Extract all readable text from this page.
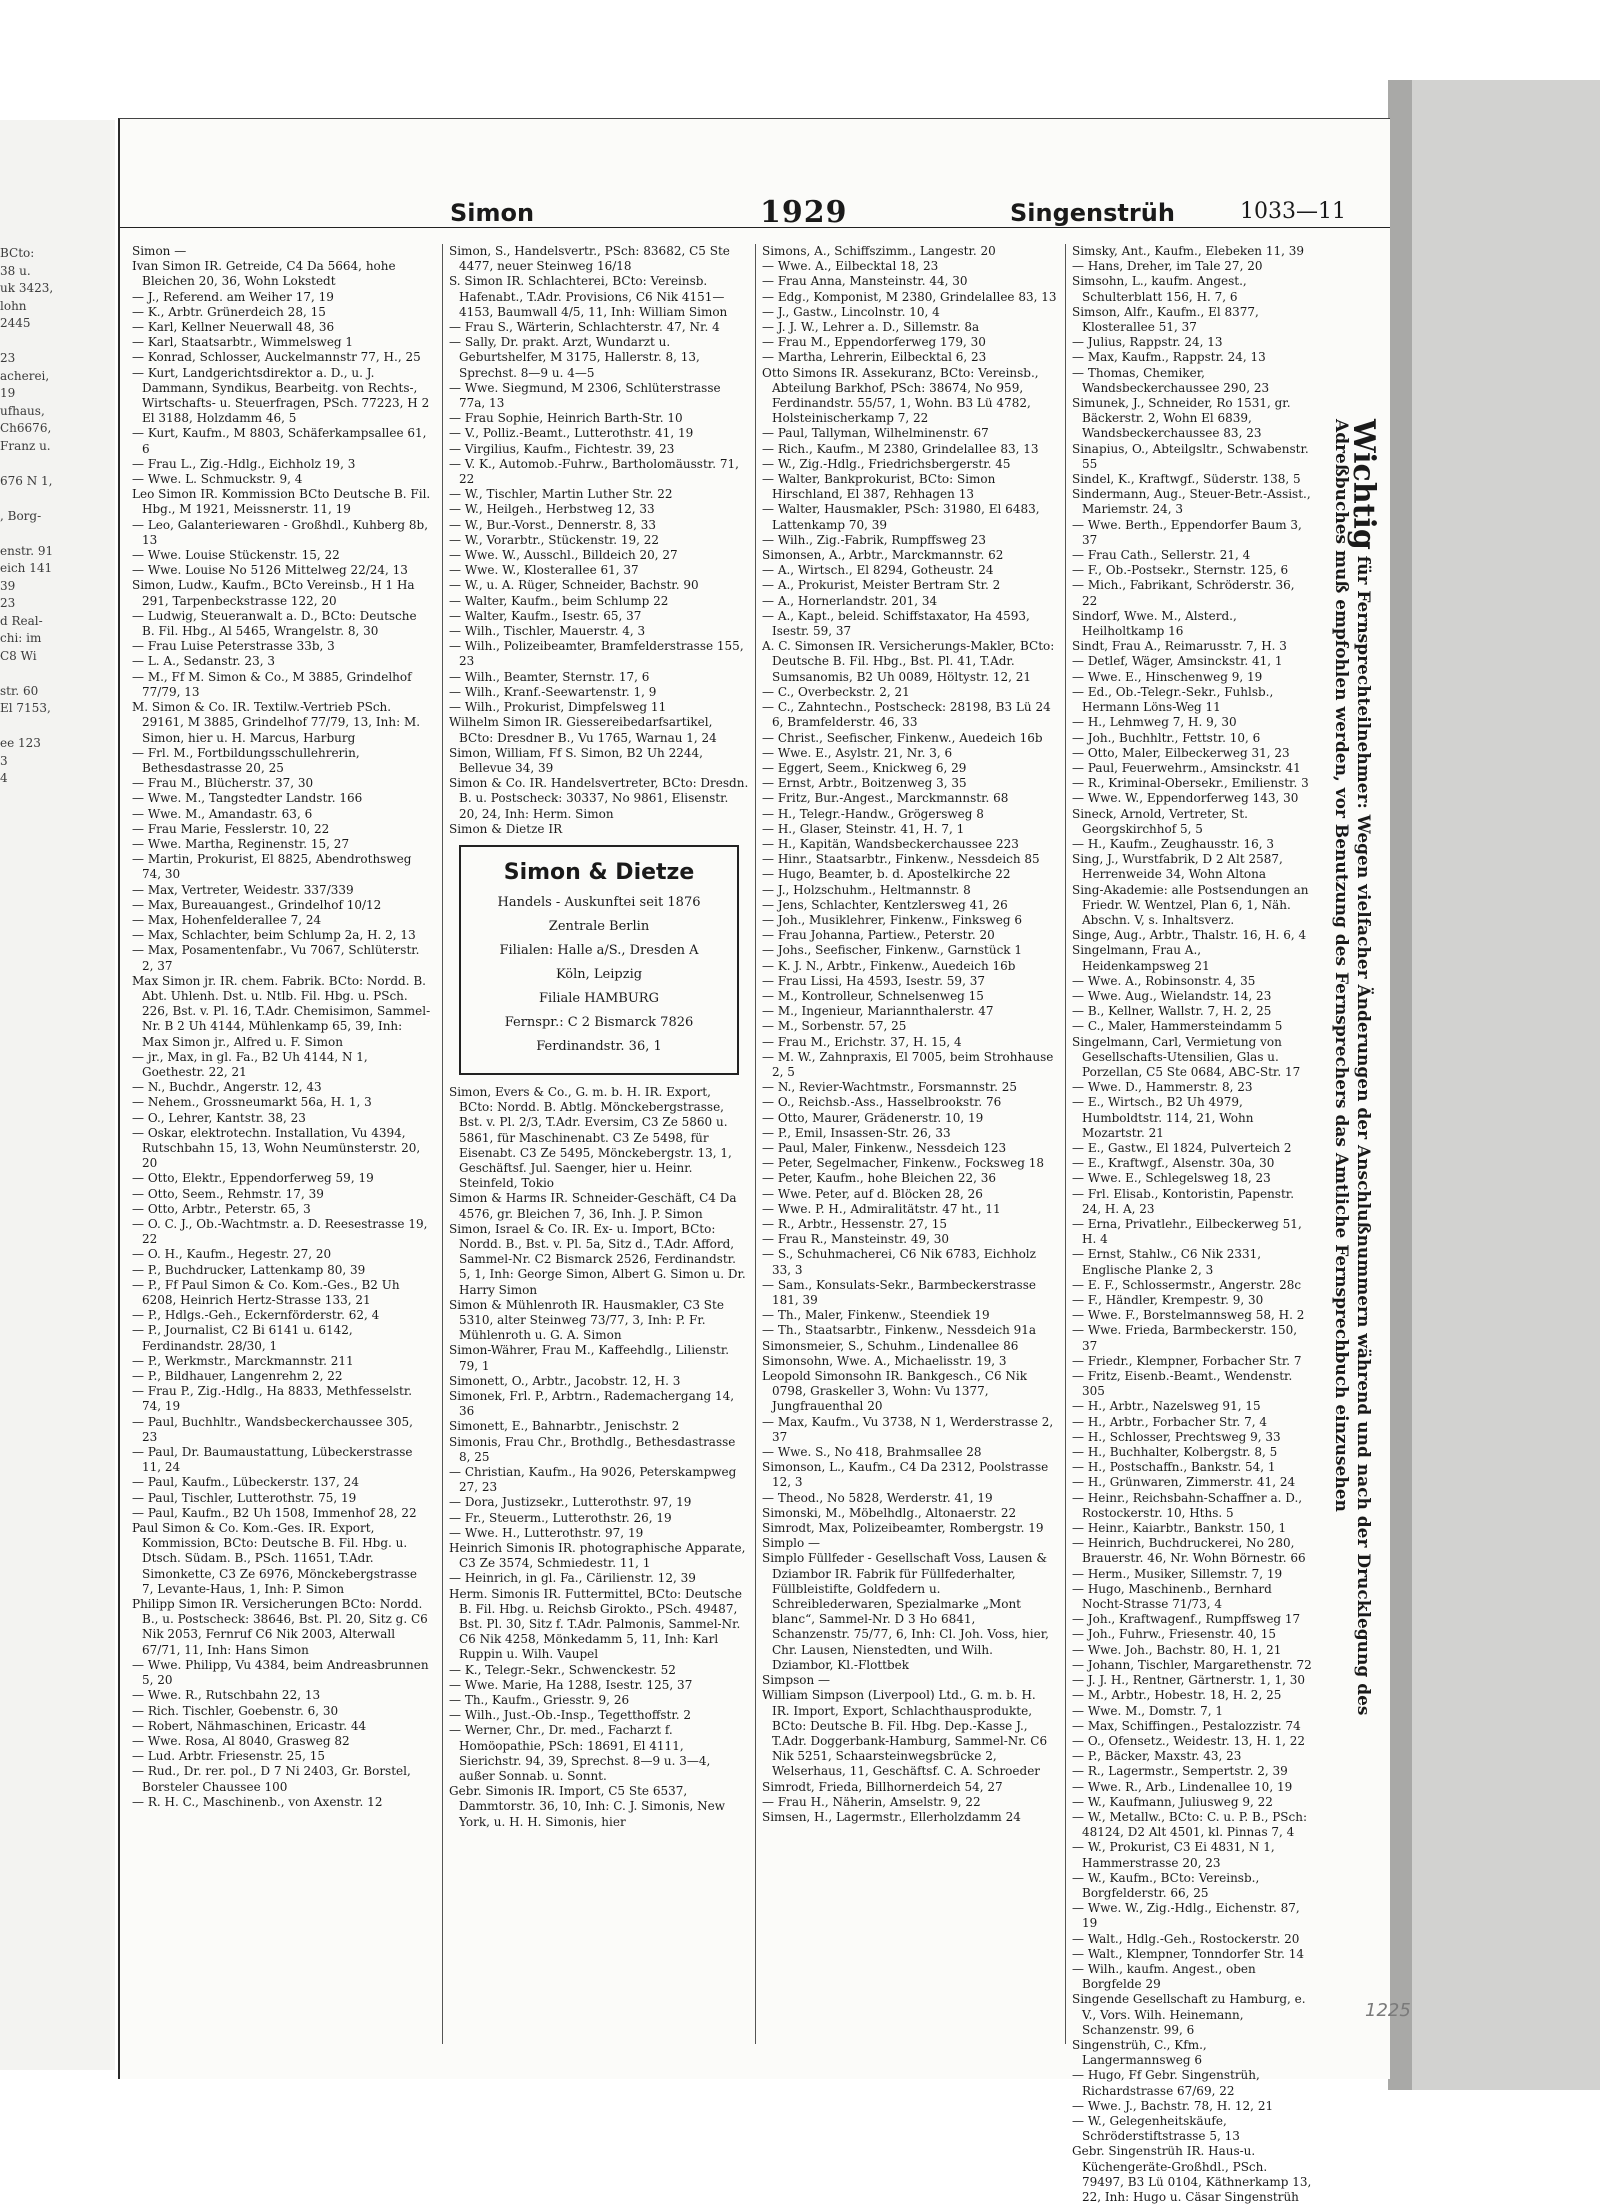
BCto:
38 u.
uk 3423,
lohn
2445
23
acherei,
19
ufhaus,
Ch6676,
Franz u.
676 N 1,
, Borg-
enstr. 91
eich 141
39
23
d Real-
chi: im
C8 Wi
str. 60
El 7153,
ee 123
3
4
Simon	1929	Singenstrüh	1033—11

Simon —

Ivan Simon IR. Getreide, C4 Da 5664, hohe Bleichen 20, 36, Wohn Lokstedt

— J., Referend. am Weiher 17, 19

— K., Arbtr. Grünerdeich 28, 15

— Karl, Kellner Neuerwall 48, 36

— Karl, Staatsarbtr., Wimmelsweg 1

— Konrad, Schlosser, Auckelmannstr 77, H., 25

— Kurt, Landgerichtsdirektor a. D., u. J. Dammann, Syndikus, Bearbeitg. von Rechts-, Wirtschafts- u. Steuerfragen, PSch. 77223, H 2 El 3188, Holzdamm 46, 5

— Kurt, Kaufm., M 8803, Schäferkampsallee 61, 6

— Frau L., Zig.-Hdlg., Eichholz 19, 3

— Wwe. L. Schmuckstr. 9, 4

Leo Simon IR. Kommission BCto Deutsche B. Fil. Hbg., M 1921, Meissnerstr. 11, 19

— Leo, Galanteriewaren - Großhdl., Kuhberg 8b, 13

— Wwe. Louise Stückenstr. 15, 22

— Wwe. Louise No 5126 Mittelweg 22/24, 13

Simon, Ludw., Kaufm., BCto Vereinsb., H 1 Ha 291, Tarpenbeckstrasse 122, 20

— Ludwig, Steueranwalt a. D., BCto: Deutsche B. Fil. Hbg., Al 5465, Wrangelstr. 8, 30

— Frau Luise Peterstrasse 33b, 3

— L. A., Sedanstr. 23, 3

— M., Ff M. Simon & Co., M 3885, Grindelhof 77/79, 13

M. Simon & Co. IR. Textilw.-Vertrieb PSch. 29161, M 3885, Grindelhof 77/79, 13, Inh: M. Simon, hier u. H. Marcus, Harburg

— Frl. M., Fortbildungsschullehrerin, Bethesdastrasse 20, 25

— Frau M., Blücherstr. 37, 30

— Wwe. M., Tangstedter Landstr. 166

— Wwe. M., Amandastr. 63, 6

— Frau Marie, Fesslerstr. 10, 22

— Wwe. Martha, Reginenstr. 15, 27

— Martin, Prokurist, El 8825, Abendrothsweg 74, 30

— Max, Vertreter, Weidestr. 337/339

— Max, Bureauangest., Grindelhof 10/12

— Max, Hohenfelderallee 7, 24

— Max, Schlachter, beim Schlump 2a, H. 2, 13

— Max, Posamentenfabr., Vu 7067, Schlüterstr. 2, 37

Max Simon jr. IR. chem. Fabrik. BCto: Nordd. B. Abt. Uhlenh. Dst. u. Ntlb. Fil. Hbg. u. PSch. 226, Bst. v. Pl. 16, T.Adr. Chemisimon, Sammel-Nr. B 2 Uh 4144, Mühlenkamp 65, 39, Inh: Max Simon jr., Alfred u. F. Simon

— jr., Max, in gl. Fa., B2 Uh 4144, N 1, Goethestr. 22, 21

— N., Buchdr., Angerstr. 12, 43

— Nehem., Grossneumarkt 56a, H. 1, 3

— O., Lehrer, Kantstr. 38, 23

— Oskar, elektrotechn. Installation, Vu 4394, Rutschbahn 15, 13, Wohn Neumünsterstr. 20, 20

— Otto, Elektr., Eppendorferweg 59, 19

— Otto, Seem., Rehmstr. 17, 39

— Otto, Arbtr., Peterstr. 65, 3

— O. C. J., Ob.-Wachtmstr. a. D. Reesestrasse 19, 22

— O. H., Kaufm., Hegestr. 27, 20

— P., Buchdrucker, Lattenkamp 80, 39

— P., Ff Paul Simon & Co. Kom.-Ges., B2 Uh 6208, Heinrich Hertz-Strasse 133, 21

— P., Hdlgs.-Geh., Eckernförderstr. 62, 4

— P., Journalist, C2 Bi 6141 u. 6142, Ferdinandstr. 28/30, 1

— P., Werkmstr., Marckmannstr. 211

— P., Bildhauer, Langenrehm 2, 22

— Frau P., Zig.-Hdlg., Ha 8833, Methfesselstr. 74, 19

— Paul, Buchhltr., Wandsbeckerchaussee 305, 23

— Paul, Dr. Baumaustattung, Lübeckerstrasse 11, 24

— Paul, Kaufm., Lübeckerstr. 137, 24

— Paul, Tischler, Lutterothstr. 75, 19

— Paul, Kaufm., B2 Uh 1508, Immenhof 28, 22

Paul Simon & Co. Kom.-Ges. IR. Export, Kommission, BCto: Deutsche B. Fil. Hbg. u. Dtsch. Südam. B., PSch. 11651, T.Adr. Simonkette, C3 Ze 6976, Mönckebergstrasse 7, Levante-Haus, 1, Inh: P. Simon

Philipp Simon IR. Versicherungen BCto: Nordd. B., u. Postscheck: 38646, Bst. Pl. 20, Sitz g. C6 Nik 2053, Fernruf C6 Nik 2003, Alterwall 67/71, 11, Inh: Hans Simon

— Wwe. Philipp, Vu 4384, beim Andreasbrunnen 5, 20

— Wwe. R., Rutschbahn 22, 13

— Rich. Tischler, Goebenstr. 6, 30

— Robert, Nähmaschinen, Ericastr. 44

— Wwe. Rosa, Al 8040, Grasweg 82

— Lud. Arbtr. Friesenstr. 25, 15

— Rud., Dr. rer. pol., D 7 Ni 2403, Gr. Borstel, Borsteler Chaussee 100

— R. H. C., Maschinenb., von Axenstr. 12

Simon, S., Handelsvertr., PSch: 83682, C5 Ste 4477, neuer Steinweg 16/18

S. Simon IR. Schlachterei, BCto: Vereinsb. Hafenabt., T.Adr. Provisions, C6 Nik 4151—4153, Baumwall 4/5, 11, Inh: William Simon

— Frau S., Wärterin, Schlachterstr. 47, Nr. 4

— Sally, Dr. prakt. Arzt, Wundarzt u. Geburtshelfer, M 3175, Hallerstr. 8, 13, Sprechst. 8—9 u. 4—5

— Wwe. Siegmund, M 2306, Schlüterstrasse 77a, 13

— Frau Sophie, Heinrich Barth-Str. 10

— V., Polliz.-Beamt., Lutterothstr. 41, 19

— Virgilius, Kaufm., Fichtestr. 39, 23

— V. K., Automob.-Fuhrw., Bartholomäusstr. 71, 22

— W., Tischler, Martin Luther Str. 22

— W., Heilgeh., Herbstweg 12, 33

— W., Bur.-Vorst., Dennerstr. 8, 33

— W., Vorarbtr., Stückenstr. 19, 22

— Wwe. W., Ausschl., Billdeich 20, 27

— Wwe. W., Klosterallee 61, 37

— W., u. A. Rüger, Schneider, Bachstr. 90

— Walter, Kaufm., beim Schlump 22

— Walter, Kaufm., Isestr. 65, 37

— Wilh., Tischler, Mauerstr. 4, 3

— Wilh., Polizeibeamter, Bramfelderstrasse 155, 23

— Wilh., Beamter, Sternstr. 17, 6

— Wilh., Kranf.-Seewartenstr. 1, 9

— Wilh., Prokurist, Dimpfelsweg 11

Wilhelm Simon IR. Giessereibedarfsartikel, BCto: Dresdner B., Vu 1765, Warnau 1, 24

Simon, William, Ff S. Simon, B2 Uh 2244, Bellevue 34, 39

Simon & Co. IR. Handelsvertreter, BCto: Dresdn. B. u. Postscheck: 30337, No 9861, Elisenstr. 20, 24, Inh: Herm. Simon

Simon & Dietze IR

Simon & Dietze
Handels - Auskunftei seit 1876
Zentrale Berlin
Filialen: Halle a/S., Dresden A
Köln, Leipzig
Filiale HAMBURG
Fernspr.: C 2 Bismarck 7826
Ferdinandstr. 36, 1

Simon, Evers & Co., G. m. b. H. IR. Export, BCto: Nordd. B. Abtlg. Mönckebergstrasse, Bst. v. Pl. 2/3, T.Adr. Eversim, C3 Ze 5860 u. 5861, für Maschinenabt. C3 Ze 5498, für Eisenabt. C3 Ze 5495, Mönckebergstr. 13, 1, Geschäftsf. Jul. Saenger, hier u. Heinr. Steinfeld, Tokio

Simon & Harms IR. Schneider-Geschäft, C4 Da 4576, gr. Bleichen 7, 36, Inh. J. P. Simon

Simon, Israel & Co. IR. Ex- u. Import, BCto: Nordd. B., Bst. v. Pl. 5a, Sitz d., T.Adr. Afford, Sammel-Nr. C2 Bismarck 2526, Ferdinandstr. 5, 1, Inh: George Simon, Albert G. Simon u. Dr. Harry Simon

Simon & Mühlenroth IR. Hausmakler, C3 Ste 5310, alter Steinweg 73/77, 3, Inh: P. Fr. Mühlenroth u. G. A. Simon

Simon-Währer, Frau M., Kaffeehdlg., Lilienstr. 79, 1

Simonett, O., Arbtr., Jacobstr. 12, H. 3

Simonek, Frl. P., Arbtrn., Rademachergang 14, 36

Simonett, E., Bahnarbtr., Jenischstr. 2

Simonis, Frau Chr., Brothdlg., Bethesdastrasse 8, 25

— Christian, Kaufm., Ha 9026, Peterskampweg 27, 23

— Dora, Justizsekr., Lutterothstr. 97, 19

— Fr., Steuerm., Lutterothstr. 26, 19

— Wwe. H., Lutterothstr. 97, 19

Heinrich Simonis IR. photographische Apparate, C3 Ze 3574, Schmiedestr. 11, 1

— Heinrich, in gl. Fa., Cärilienstr. 12, 39

Herm. Simonis IR. Futtermittel, BCto: Deutsche B. Fil. Hbg. u. Reichsb Girokto., PSch. 49487, Bst. Pl. 30, Sitz f. T.Adr. Palmonis, Sammel-Nr. C6 Nik 4258, Mönkedamm 5, 11, Inh: Karl Ruppin u. Wilh. Vaupel

— K., Telegr.-Sekr., Schwenckestr. 52

— Wwe. Marie, Ha 1288, Isestr. 125, 37

— Th., Kaufm., Griesstr. 9, 26

— Wilh., Just.-Ob.-Insp., Tegetthoffstr. 2

— Werner, Chr., Dr. med., Facharzt f. Homöopathie, PSch: 18691, El 4111, Sierichstr. 94, 39, Sprechst. 8—9 u. 3—4, außer Sonnab. u. Sonnt.

Gebr. Simonis IR. Import, C5 Ste 6537, Dammtorstr. 36, 10, Inh: C. J. Simonis, New York, u. H. H. Simonis, hier

Simons, A., Schiffszimm., Langestr. 20

— Wwe. A., Eilbecktal 18, 23

— Frau Anna, Mansteinstr. 44, 30

— Edg., Komponist, M 2380, Grindelallee 83, 13

— J., Gastw., Lincolnstr. 10, 4

— J. J. W., Lehrer a. D., Sillemstr. 8a

— Frau M., Eppendorferweg 179, 30

— Martha, Lehrerin, Eilbecktal 6, 23

Otto Simons IR. Assekuranz, BCto: Vereinsb., Abteilung Barkhof, PSch: 38674, No 959, Ferdinandstr. 55/57, 1, Wohn. B3 Lü 4782, Holsteinischerkamp 7, 22

— Paul, Tallyman, Wilhelminenstr. 67

— Rich., Kaufm., M 2380, Grindelallee 83, 13

— W., Zig.-Hdlg., Friedrichsbergerstr. 45

— Walter, Bankprokurist, BCto: Simon Hirschland, El 387, Rehhagen 13

— Walter, Hausmakler, PSch: 31980, El 6483, Lattenkamp 70, 39

— Wilh., Zig.-Fabrik, Rumpffsweg 23

Simonsen, A., Arbtr., Marckmannstr. 62

— A., Wirtsch., El 8294, Gotheustr. 24

— A., Prokurist, Meister Bertram Str. 2

— A., Hornerlandstr. 201, 34

— A., Kapt., beleid. Schiffstaxator, Ha 4593, Isestr. 59, 37

A. C. Simonsen IR. Versicherungs-Makler, BCto: Deutsche B. Fil. Hbg., Bst. Pl. 41, T.Adr. Sumsanomis, B2 Uh 0089, Höltystr. 12, 21

— C., Overbeckstr. 2, 21

— C., Zahntechn., Postscheck: 28198, B3 Lü 24 6, Bramfelderstr. 46, 33

— Christ., Seefischer, Finkenw., Auedeich 16b

— Wwe. E., Asylstr. 21, Nr. 3, 6

— Eggert, Seem., Knickweg 6, 29

— Ernst, Arbtr., Boitzenweg 3, 35

— Fritz, Bur.-Angest., Marckmannstr. 68

— H., Telegr.-Handw., Grögersweg 8

— H., Glaser, Steinstr. 41, H. 7, 1

— H., Kapitän, Wandsbeckerchaussee 223

— Hinr., Staatsarbtr., Finkenw., Nessdeich 85

— Hugo, Beamter, b. d. Apostelkirche 22

— J., Holzschuhm., Heltmannstr. 8

— Jens, Schlachter, Kentzlersweg 41, 26

— Joh., Musiklehrer, Finkenw., Finksweg 6

— Frau Johanna, Partiew., Peterstr. 20

— Johs., Seefischer, Finkenw., Garnstück 1

— K. J. N., Arbtr., Finkenw., Auedeich 16b

— Frau Lissi, Ha 4593, Isestr. 59, 37

— M., Kontrolleur, Schnelsenweg 15

— M., Ingenieur, Mariannthalerstr. 47

— M., Sorbenstr. 57, 25

— Frau M., Erichstr. 37, H. 15, 4

— M. W., Zahnpraxis, El 7005, beim Strohhause 2, 5

— N., Revier-Wachtmstr., Forsmannstr. 25

— O., Reichsb.-Ass., Hasselbrookstr. 76

— Otto, Maurer, Grädenerstr. 10, 19

— P., Emil, Insassen-Str. 26, 33

— Paul, Maler, Finkenw., Nessdeich 123

— Peter, Segelmacher, Finkenw., Focksweg 18

— Peter, Kaufm., hohe Bleichen 22, 36

— Wwe. Peter, auf d. Blöcken 28, 26

— Wwe. P. H., Admiralitätstr. 47 ht., 11

— R., Arbtr., Hessenstr. 27, 15

— Frau R., Mansteinstr. 49, 30

— S., Schuhmacherei, C6 Nik 6783, Eichholz 33, 3

— Sam., Konsulats-Sekr., Barmbeckerstrasse 181, 39

— Th., Maler, Finkenw., Steendiek 19

— Th., Staatsarbtr., Finkenw., Nessdeich 91a

Simonsmeier, S., Schuhm., Lindenallee 86

Simonsohn, Wwe. A., Michaelisstr. 19, 3

Leopold Simonsohn IR. Bankgesch., C6 Nik 0798, Graskeller 3, Wohn: Vu 1377, Jungfrauenthal 20

— Max, Kaufm., Vu 3738, N 1, Werderstrasse 2, 37

— Wwe. S., No 418, Brahmsallee 28

Simonson, L., Kaufm., C4 Da 2312, Poolstrasse 12, 3

— Theod., No 5828, Werderstr. 41, 19

Simonski, M., Möbelhdlg., Altonaerstr. 22

Simrodt, Max, Polizeibeamter, Rombergstr. 19

Simplo —

Simplo Füllfeder - Gesellschaft Voss, Lausen & Dziambor IR. Fabrik für Füllfederhalter, Füllbleistifte, Goldfedern u. Schreiblederwaren, Spezialmarke „Mont blanc“, Sammel-Nr. D 3 Ho 6841, Schanzenstr. 75/77, 6, Inh: Cl. Joh. Voss, hier, Chr. Lausen, Nienstedten, und Wilh. Dziambor, Kl.-Flottbek

Simpson —

William Simpson (Liverpool) Ltd., G. m. b. H. IR. Import, Export, Schlachthausprodukte, BCto: Deutsche B. Fil. Hbg. Dep.-Kasse J., T.Adr. Doggerbank-Hamburg, Sammel-Nr. C6 Nik 5251, Schaarsteinwegsbrücke 2, Welserhaus, 11, Geschäftsf. C. A. Schroeder

Simrodt, Frieda, Billhornerdeich 54, 27

— Frau H., Näherin, Amselstr. 9, 22

Simsen, H., Lagermstr., Ellerholzdamm 24

Simsky, Ant., Kaufm., Elebeken 11, 39

— Hans, Dreher, im Tale 27, 20

Simsohn, L., kaufm. Angest., Schulterblatt 156, H. 7, 6

Simson, Alfr., Kaufm., El 8377, Klosterallee 51, 37

— Julius, Rappstr. 24, 13

— Max, Kaufm., Rappstr. 24, 13

— Thomas, Chemiker, Wandsbeckerchaussee 290, 23

Simunek, J., Schneider, Ro 1531, gr. Bäckerstr. 2, Wohn El 6839, Wandsbeckerchaussee 83, 23

Sinapius, O., Abteilgsltr., Schwabenstr. 55

Sindel, K., Kraftwgf., Süderstr. 138, 5

Sindermann, Aug., Steuer-Betr.-Assist., Mariemstr. 24, 3

— Wwe. Berth., Eppendorfer Baum 3, 37

— Frau Cath., Sellerstr. 21, 4

— F., Ob.-Postsekr., Sternstr. 125, 6

— Mich., Fabrikant, Schröderstr. 36, 22

Sindorf, Wwe. M., Alsterd., Heilholtkamp 16

Sindt, Frau A., Reimarusstr. 7, H. 3

— Detlef, Wäger, Amsinckstr. 41, 1

— Wwe. E., Hinschenweg 9, 19

— Ed., Ob.-Telegr.-Sekr., Fuhlsb., Hermann Löns-Weg 11

— H., Lehmweg 7, H. 9, 30

— Joh., Buchhltr., Fettstr. 10, 6

— Otto, Maler, Eilbeckerweg 31, 23

— Paul, Feuerwehrm., Amsinckstr. 41

— R., Kriminal-Obersekr., Emilienstr. 3

— Wwe. W., Eppendorferweg 143, 30

Sineck, Arnold, Vertreter, St. Georgskirchhof 5, 5

— H., Kaufm., Zeughausstr. 16, 3

Sing, J., Wurstfabrik, D 2 Alt 2587, Herrenweide 34, Wohn Altona

Sing-Akademie: alle Postsendungen an Friedr. W. Wentzel, Plan 6, 1, Näh. Abschn. V, s. Inhaltsverz.

Singe, Aug., Arbtr., Thalstr. 16, H. 6, 4

Singelmann, Frau A., Heidenkampsweg 21

— Wwe. A., Robinsonstr. 4, 35

— Wwe. Aug., Wielandstr. 14, 23

— B., Kellner, Wallstr. 7, H. 2, 25

— C., Maler, Hammersteindamm 5

Singelmann, Carl, Vermietung von Gesellschafts-Utensilien, Glas u. Porzellan, C5 Ste 0684, ABC-Str. 17

— Wwe. D., Hammerstr. 8, 23

— E., Wirtsch., B2 Uh 4979, Humboldtstr. 114, 21, Wohn Mozartstr. 21

— E., Gastw., El 1824, Pulverteich 2

— E., Kraftwgf., Alsenstr. 30a, 30

— Wwe. E., Schlegelsweg 18, 23

— Frl. Elisab., Kontoristin, Papenstr. 24, H. A, 23

— Erna, Privatlehr., Eilbeckerweg 51, H. 4

— Ernst, Stahlw., C6 Nik 2331, Englische Planke 2, 3

— E. F., Schlossermstr., Angerstr. 28c

— F., Händler, Krempestr. 9, 30

— Wwe. F., Borstelmannsweg 58, H. 2

— Wwe. Frieda, Barmbeckerstr. 150, 37

— Friedr., Klempner, Forbacher Str. 7

— Fritz, Eisenb.-Beamt., Wendenstr. 305

— H., Arbtr., Nazelsweg 91, 15

— H., Arbtr., Forbacher Str. 7, 4

— H., Schlosser, Prechtsweg 9, 33

— H., Buchhalter, Kolbergstr. 8, 5

— H., Postschaffn., Bankstr. 54, 1

— H., Grünwaren, Zimmerstr. 41, 24

— Heinr., Reichsbahn-Schaffner a. D., Rostockerstr. 10, Hths. 5

— Heinr., Kaiarbtr., Bankstr. 150, 1

— Heinrich, Buchdruckerei, No 280, Brauerstr. 46, Nr. Wohn Börnestr. 66

— Herm., Musiker, Sillemstr. 7, 19

— Hugo, Maschinenb., Bernhard Nocht-Strasse 71/73, 4

— Joh., Kraftwagenf., Rumpffsweg 17

— Joh., Fuhrw., Friesenstr. 40, 15

— Wwe. Joh., Bachstr. 80, H. 1, 21

— Johann, Tischler, Margarethenstr. 72

— J. J. H., Rentner, Gärtnerstr. 1, 1, 30

— M., Arbtr., Hobestr. 18, H. 2, 25

— Wwe. M., Domstr. 7, 1

— Max, Schiffingen., Pestalozzistr. 74

— O., Ofensetz., Weidestr. 13, H. 1, 22

— P., Bäcker, Maxstr. 43, 23

— R., Lagermstr., Sempertstr. 2, 39

— Wwe. R., Arb., Lindenallee 10, 19

— W., Kaufmann, Juliusweg 9, 22

— W., Metallw., BCto: C. u. P. B., PSch: 48124, D2 Alt 4501, kl. Pinnas 7, 4

— W., Prokurist, C3 Ei 4831, N 1, Hammerstrasse 20, 23

— W., Kaufm., BCto: Vereinsb., Borgfelderstr. 66, 25

— Wwe. W., Zig.-Hdlg., Eichenstr. 87, 19

— Walt., Hdlg.-Geh., Rostockerstr. 20

— Walt., Klempner, Tonndorfer Str. 14

— Wilh., kaufm. Angest., oben Borgfelde 29

Singende Gesellschaft zu Hamburg, e. V., Vors. Wilh. Heinemann, Schanzenstr. 99, 6

Singenstrüh, C., Kfm., Langermannsweg 6

— Hugo, Ff Gebr. Singenstrüh, Richardstrasse 67/69, 22

— Wwe. J., Bachstr. 78, H. 12, 21

— W., Gelegenheitskäufe, Schröderstiftstrasse 5, 13

Gebr. Singenstrüh IR. Haus-u. Küchengeräte-Großhdl., PSch. 79497, B3 Lü 0104, Käthnerkamp 13, 22, Inh: Hugo u. Cäsar Singenstrüh

Wichtig für Fernsprechteilnehmer: Wegen vielfacher Änderungen der Anschlußnummern während und nach der Drucklegung des Adreßbuches muß empfohlen werden, vor Benutzung des Fernsprechers das Amtliche Fernsprechbuch einzusehen
1225
